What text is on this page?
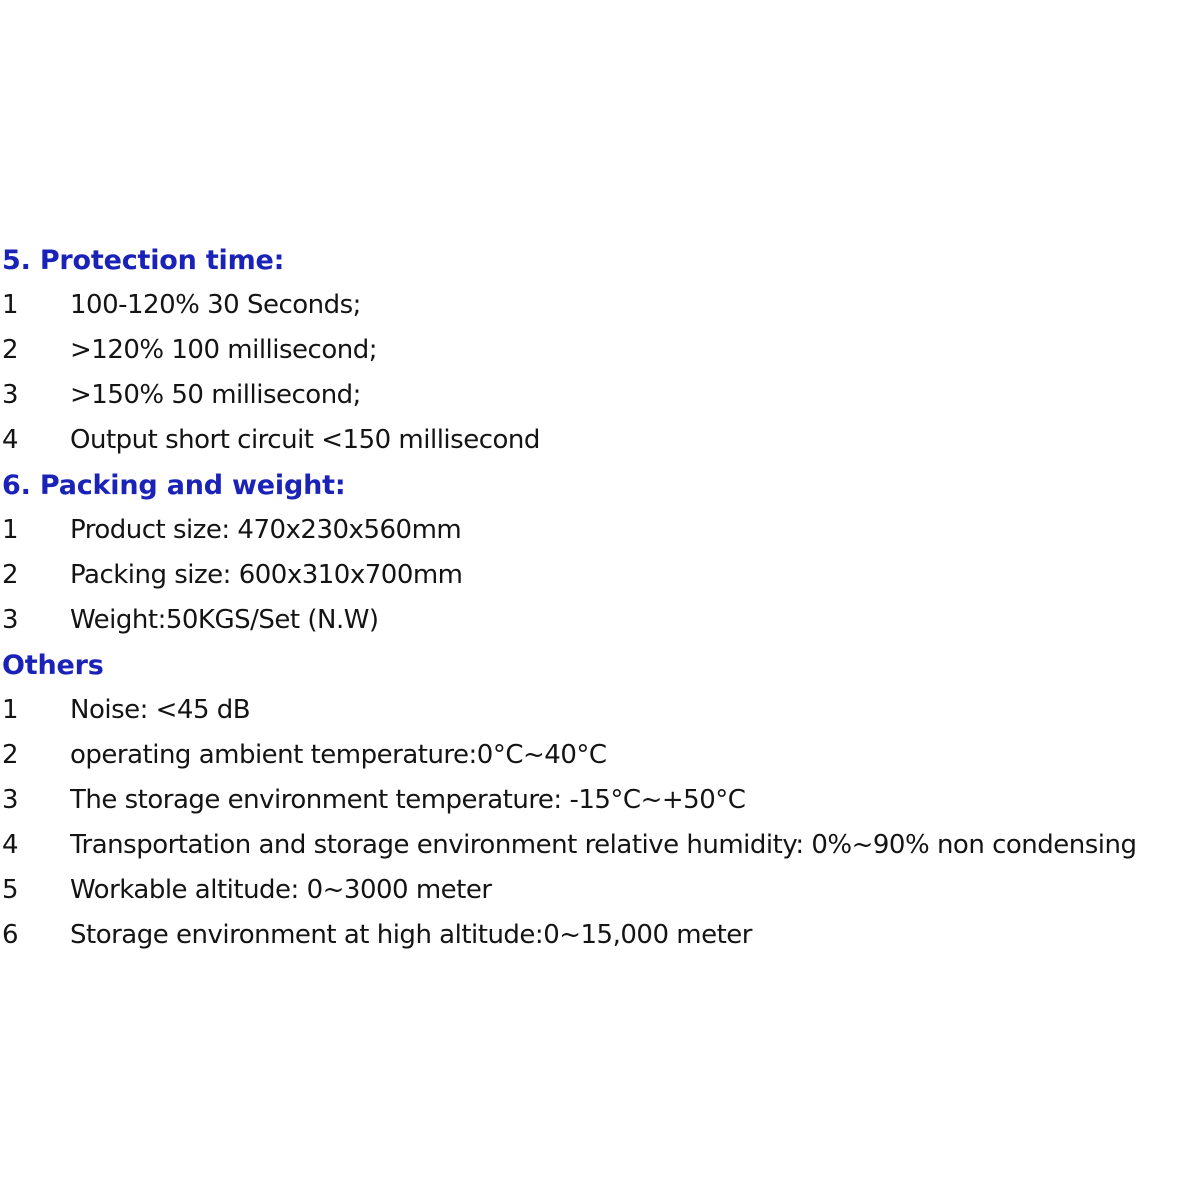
5. Protection time:
1	100-120% 30 Seconds;
2	>120% 100 millisecond;
3	>150% 50 millisecond;
4	Output short circuit <150 millisecond
6. Packing and weight:
1	Product size: 470x230x560mm
2	Packing size: 600x310x700mm
3	Weight:50KGS/Set (N.W)
Others
1	Noise: <45 dB
2	operating ambient temperature:0°C~40°C
3	The storage environment temperature: -15°C~+50°C
4	Transportation and storage environment relative humidity: 0%~90% non condensing
5	Workable altitude: 0~3000 meter
6	Storage environment at high altitude:0~15,000 meter
